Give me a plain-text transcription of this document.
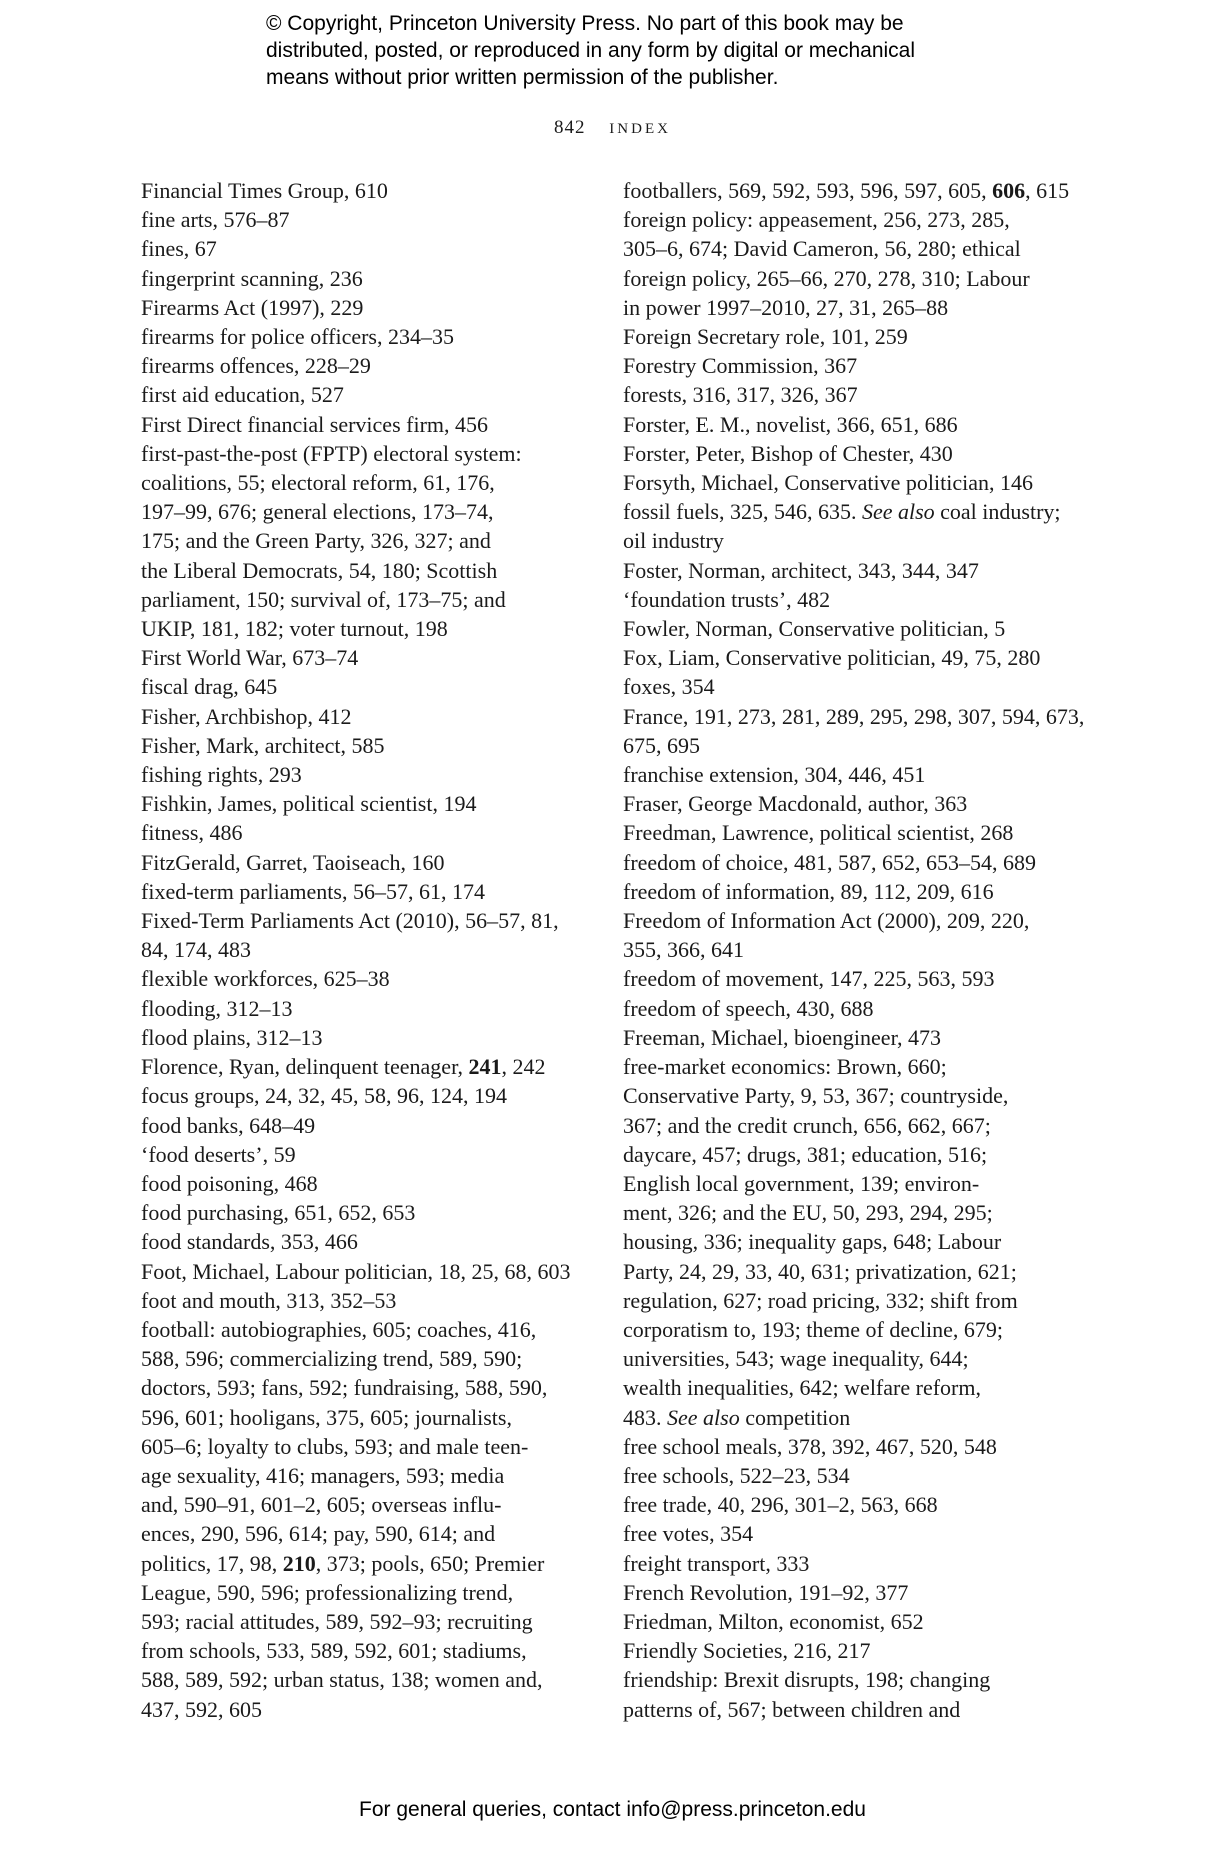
© Copyright, Princeton University Press. No part of this book may be
distributed, posted, or reproduced in any form by digital or mechanical
means without prior written permission of the publisher.
842 index
Financial Times Group, 610
fine arts, 576–87
fines, 67
fingerprint scanning, 236
Firearms Act (1997), 229
firearms for police officers, 234–35
firearms offences, 228–29
first aid education, 527
First Direct financial services firm, 456
first-past-the-post (FPTP) electoral system:
coalitions, 55; electoral reform, 61, 176,
197–99, 676; general elections, 173–74,
175; and the Green Party, 326, 327; and
the Liberal Democrats, 54, 180; Scottish
parliament, 150; survival of, 173–75; and
UKIP, 181, 182; voter turnout, 198
First World War, 673–74
fiscal drag, 645
Fisher, Archbishop, 412
Fisher, Mark, architect, 585
fishing rights, 293
Fishkin, James, political scientist, 194
fitness, 486
FitzGerald, Garret, Taoiseach, 160
fixed-term parliaments, 56–57, 61, 174
Fixed-Term Parliaments Act (2010), 56–57, 81,
84, 174, 483
flexible workforces, 625–38
flooding, 312–13
flood plains, 312–13
Florence, Ryan, delinquent teenager, 241, 242
focus groups, 24, 32, 45, 58, 96, 124, 194
food banks, 648–49
‘food deserts’, 59
food poisoning, 468
food purchasing, 651, 652, 653
food standards, 353, 466
Foot, Michael, Labour politician, 18, 25, 68, 603
foot and mouth, 313, 352–53
football: autobiographies, 605; coaches, 416,
588, 596; commercializing trend, 589, 590;
doctors, 593; fans, 592; fundraising, 588, 590,
596, 601; hooligans, 375, 605; journalists,
605–6; loyalty to clubs, 593; and male teen-
age sexuality, 416; managers, 593; media
and, 590–91, 601–2, 605; overseas influ-
ences, 290, 596, 614; pay, 590, 614; and
politics, 17, 98, 210, 373; pools, 650; Premier
League, 590, 596; professionalizing trend,
593; racial attitudes, 589, 592–93; recruiting
from schools, 533, 589, 592, 601; stadiums,
588, 589, 592; urban status, 138; women and,
437, 592, 605
footballers, 569, 592, 593, 596, 597, 605, 606, 615
foreign policy: appeasement, 256, 273, 285,
305–6, 674; David Cameron, 56, 280; ethical
foreign policy, 265–66, 270, 278, 310; Labour
in power 1997–2010, 27, 31, 265–88
Foreign Secretary role, 101, 259
Forestry Commission, 367
forests, 316, 317, 326, 367
Forster, E. M., novelist, 366, 651, 686
Forster, Peter, Bishop of Chester, 430
Forsyth, Michael, Conservative politician, 146
fossil fuels, 325, 546, 635. See also coal industry;
oil industry
Foster, Norman, architect, 343, 344, 347
‘foundation trusts’, 482
Fowler, Norman, Conservative politician, 5
Fox, Liam, Conservative politician, 49, 75, 280
foxes, 354
France, 191, 273, 281, 289, 295, 298, 307, 594, 673,
675, 695
franchise extension, 304, 446, 451
Fraser, George Macdonald, author, 363
Freedman, Lawrence, political scientist, 268
freedom of choice, 481, 587, 652, 653–54, 689
freedom of information, 89, 112, 209, 616
Freedom of Information Act (2000), 209, 220,
355, 366, 641
freedom of movement, 147, 225, 563, 593
freedom of speech, 430, 688
Freeman, Michael, bioengineer, 473
free-market economics: Brown, 660;
Conservative Party, 9, 53, 367; countryside,
367; and the credit crunch, 656, 662, 667;
daycare, 457; drugs, 381; education, 516;
English local government, 139; environ-
ment, 326; and the EU, 50, 293, 294, 295;
housing, 336; inequality gaps, 648; Labour
Party, 24, 29, 33, 40, 631; privatization, 621;
regulation, 627; road pricing, 332; shift from
corporatism to, 193; theme of decline, 679;
universities, 543; wage inequality, 644;
wealth inequalities, 642; welfare reform,
483. See also competition
free school meals, 378, 392, 467, 520, 548
free schools, 522–23, 534
free trade, 40, 296, 301–2, 563, 668
free votes, 354
freight transport, 333
French Revolution, 191–92, 377
Friedman, Milton, economist, 652
Friendly Societies, 216, 217
friendship: Brexit disrupts, 198; changing
patterns of, 567; between children and
For general queries, contact info@press.princeton.edu
